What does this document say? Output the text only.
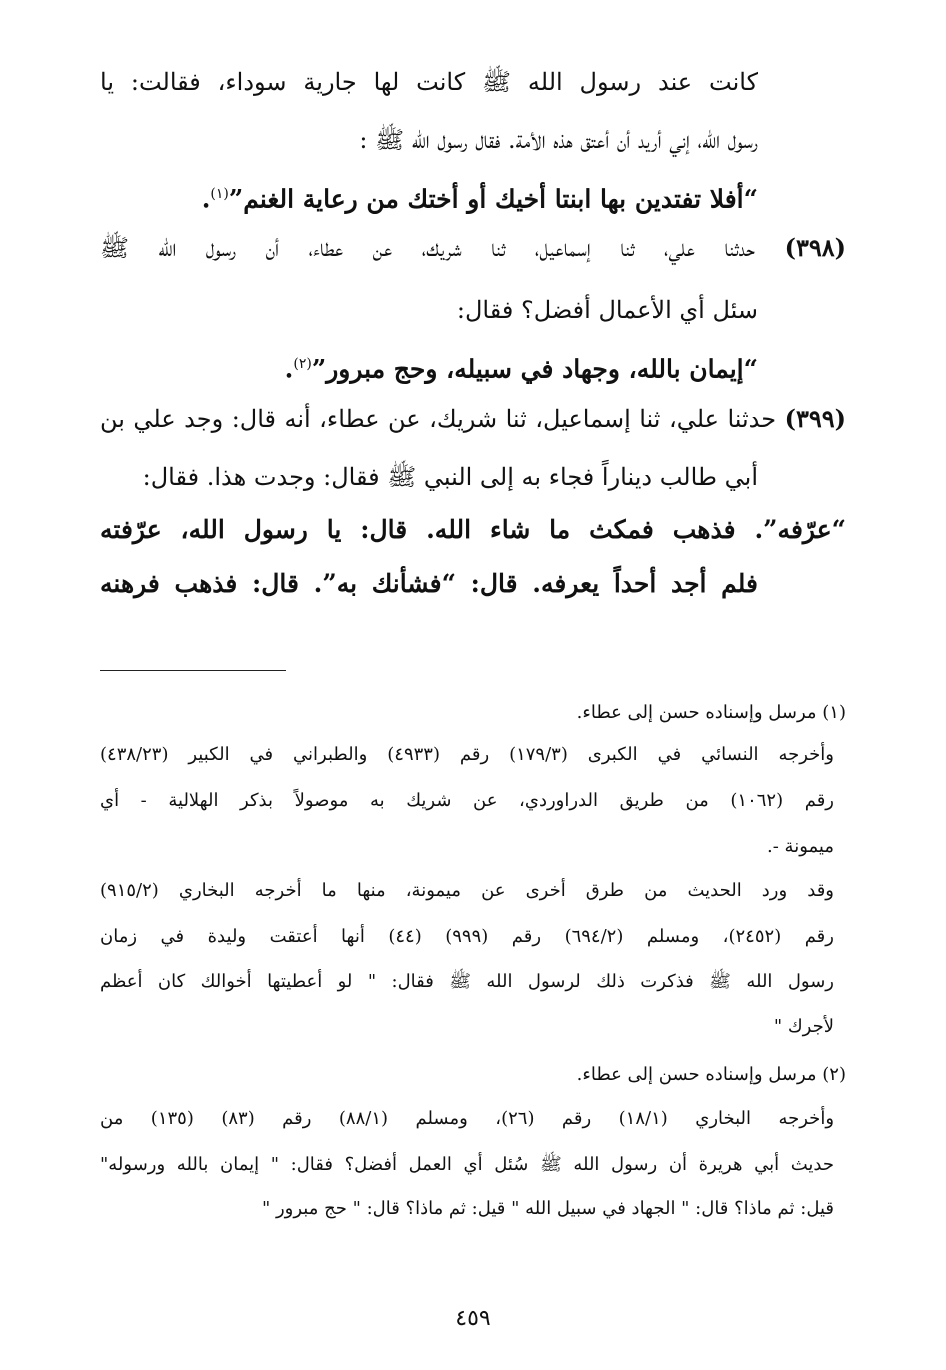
كانت عند رسول الله ﷺ كانت لها جارية سوداء، فقالت: يا
رسول الله، إني أريد أن أعتق هذه الأمة. فقال رسول الله ﷺ :
“أفلا تفتدين بها ابنتا أخيك أو أختك من رعاية الغنم”$^{(١)}$.
(٣٩٨) حدثنا علي، ثنا إسماعيل، ثنا شريك، عن عطاء، أن رسول الله ﷺ
سئل أي الأعمال أفضل؟ فقال:
“إيمان بالله، وجهاد في سبيله، وحج مبرور”$^{(٢)}$.
(٣٩٩) حدثنا علي، ثنا إسماعيل، ثنا شريك، عن عطاء، أنه قال: وجد علي بن
أبي طالب ديناراً فجاء به إلى النبي ﷺ فقال: وجدت هذا. فقال:
“عرّفه”. فذهب فمكث ما شاء الله. قال: يا رسول الله، عرّفته
فلم أجد أحداً يعرفه. قال: “فشأنك به”. قال: فذهب فرهنه
(١) مرسل وإسناده حسن إلى عطاء.
وأخرجه النسائي في الكبرى (١٧٩/٣) رقم (٤٩٣٣) والطبراني في الكبير (٤٣٨/٢٣)
رقم (١٠٦٢) من طريق الدراوردي، عن شريك به موصولاً بذكر الهلالية - أي
ميمونة -.
وقد ورد الحديث من طرق أخرى عن ميمونة، منها ما أخرجه البخاري (٩١٥/٢)
رقم (٢٤٥٢)، ومسلم (٦٩٤/٢) رقم (٩٩٩) (٤٤) أنها أعتقت وليدة في زمان
رسول الله ﷺ فذكرت ذلك لرسول الله ﷺ فقال: " لو أعطيتها أخوالك كان أعظم
لأجرك "
(٢) مرسل وإسناده حسن إلى عطاء.
وأخرجه البخاري (١٨/١) رقم (٢٦)، ومسلم (٨٨/١) رقم (٨٣) (١٣٥) من
حديث أبي هريرة أن رسول الله ﷺ سُئل أي العمل أفضل؟ فقال: " إيمان بالله ورسوله"
قيل: ثم ماذا؟ قال: " الجهاد في سبيل الله " قيل: ثم ماذا؟ قال: " حج مبرور "
٤٥٩
